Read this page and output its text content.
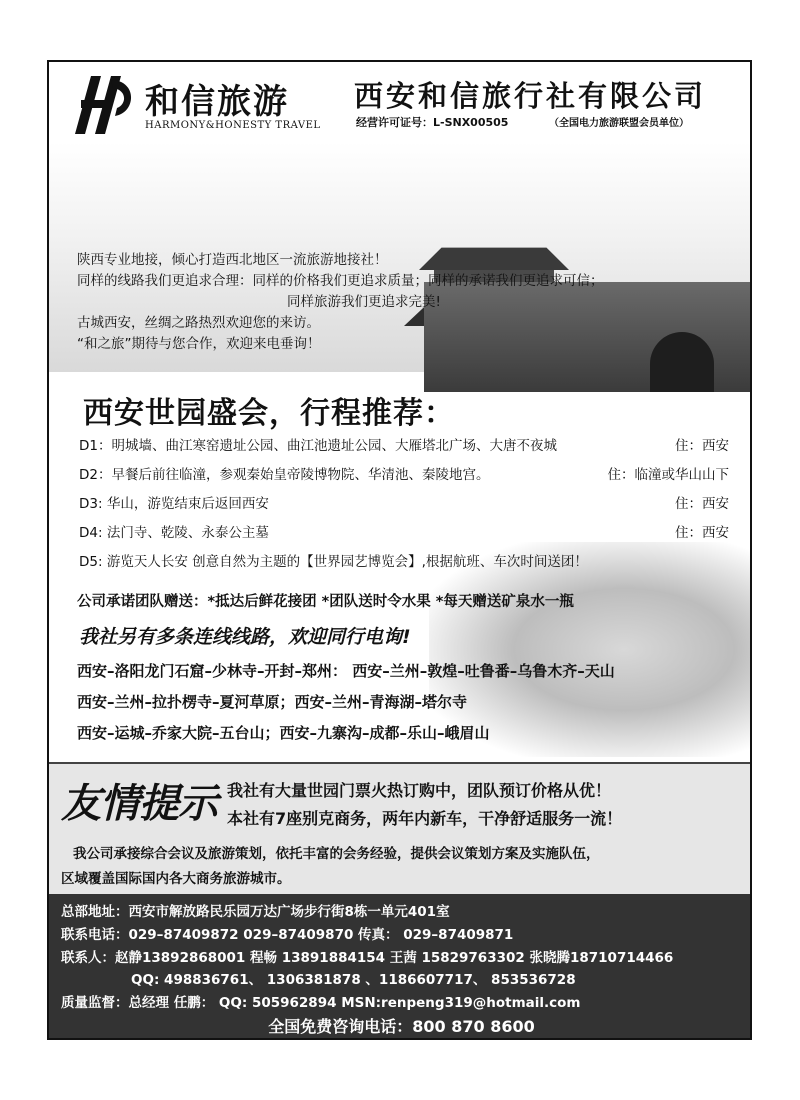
和信旅游
HARMONY&HONESTY TRAVEL
西安和信旅行社有限公司
经营许可证号：L-SNX00505	（全国电力旅游联盟会员单位）
陕西专业地接，倾心打造西北地区一流旅游地接社！
同样的线路我们更追求合理：同样的价格我们更追求质量；同样的承诺我们更追求可信；
同样旅游我们更追求完美!
古城西安，丝绸之路热烈欢迎您的来访。
“和之旅”期待与您合作，欢迎来电垂询！
西安世园盛会，行程推荐：
D1：明城墙、曲江寒窑遗址公园、曲江池遗址公园、大雁塔北广场、大唐不夜城	住：西安
D2：早餐后前往临潼，参观秦始皇帝陵博物院、华清池、秦陵地宫。	住：临潼或华山山下
D3: 华山，游览结束后返回西安	住：西安
D4: 法门寺、乾陵、永泰公主墓	住：西安
D5: 游览天人长安 创意自然为主题的【世界园艺博览会】,根据航班、车次时间送团！
公司承诺团队赠送：*抵达后鲜花接团 *团队送时令水果 *每天赠送矿泉水一瓶
我社另有多条连线线路，欢迎同行电询!
西安–洛阳龙门石窟–少林寺–开封–郑州： 西安–兰州–敦煌–吐鲁番–乌鲁木齐–天山
西安–兰州–拉扑楞寺–夏河草原；西安–兰州–青海湖–塔尔寺
西安–运城–乔家大院–五台山；西安–九寨沟–成都–乐山–峨眉山
友情提示 我社有大量世园门票火热订购中，团队预订价格从优！
本社有7座别克商务，两年内新车，干净舒适服务一流！
我公司承接综合会议及旅游策划，依托丰富的会务经验，提供会议策划方案及实施队伍，
区域覆盖国际国内各大商务旅游城市。
总部地址：西安市解放路民乐园万达广场步行街8栋一单元401室
联系电话：029–87409872 029–87409870 传真： 029–87409871
联系人：赵静13892868001 程畅 13891884154 王茜 15829763302 张晓腾18710714466
QQ: 498836761、 1306381878 、1186607717、 853536728
质量监督：总经理 任鹏： QQ: 505962894 MSN:renpeng319@hotmail.com
全国免费咨询电话：800 870 8600
